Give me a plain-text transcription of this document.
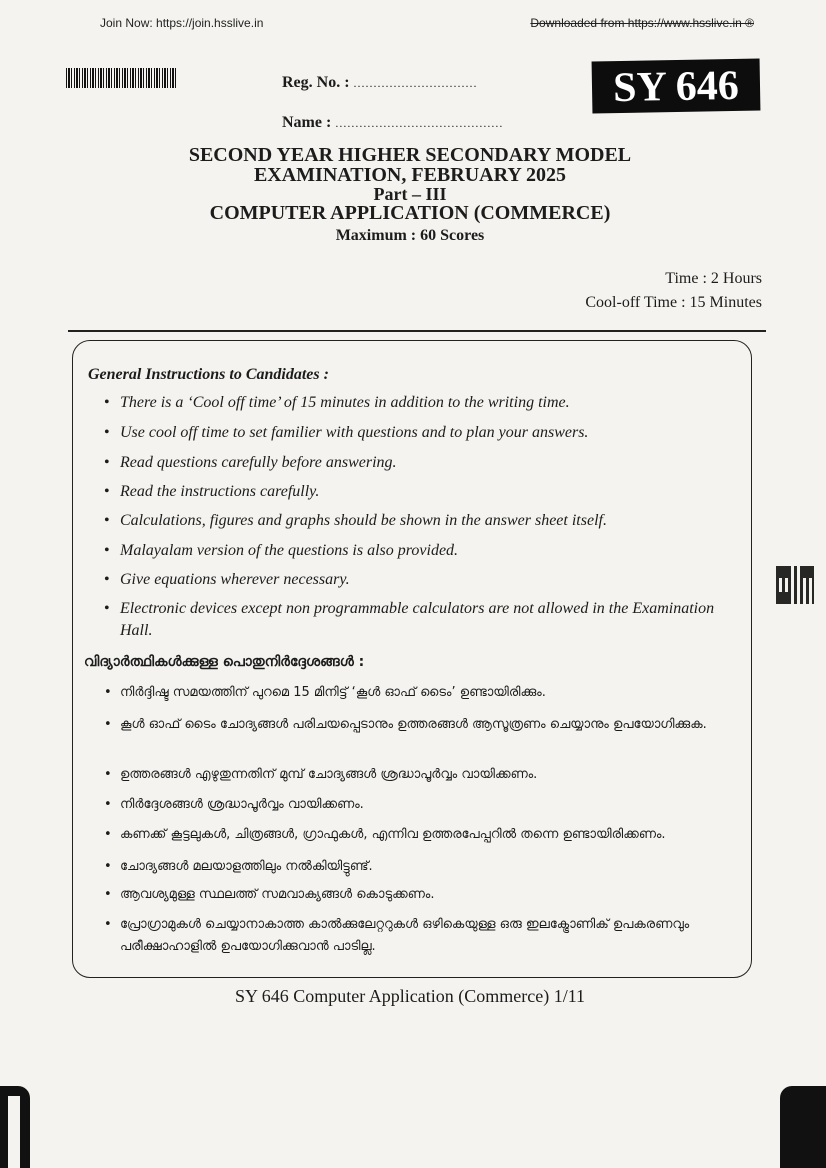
Join Now: https://join.hsslive.in	Downloaded from https://www.hsslive.in ®
Reg. No. : ...............................
Name : ..........................................
SY 646
SECOND YEAR HIGHER SECONDARY MODEL
EXAMINATION, FEBRUARY 2025
Part – III
COMPUTER APPLICATION (COMMERCE)
Maximum : 60 Scores
Time : 2 Hours
Cool-off Time : 15 Minutes
General Instructions to Candidates :
• There is a ‘Cool off time’ of 15 minutes in addition to the writing time.
• Use cool off time to set familier with questions and to plan your answers.
• Read questions carefully before answering.
• Read the instructions carefully.
• Calculations, figures and graphs should be shown in the answer sheet itself.
• Malayalam version of the questions is also provided.
• Give equations wherever necessary.
• Electronic devices except non programmable calculators are not allowed in the Examination Hall.
വിദ്യാർത്ഥികൾക്കുള്ള പൊതുനിർദ്ദേശങ്ങൾ :
• നിർദ്ദിഷ്ട സമയത്തിന് പുറമെ 15 മിനിട്ട് ‘കൂൾ ഓഫ് ടൈം’ ഉണ്ടായിരിക്കും.
• കൂൾ ഓഫ് ടൈം ചോദ്യങ്ങൾ പരിചയപ്പെടാനും ഉത്തരങ്ങൾ ആസൂത്രണം ചെയ്യാനും ഉപയോഗിക്കുക.
• ഉത്തരങ്ങൾ എഴുതുന്നതിന് മുമ്പ് ചോദ്യങ്ങൾ ശ്രദ്ധാപൂർവ്വം വായിക്കണം.
• നിർദ്ദേശങ്ങൾ ശ്രദ്ധാപൂർവ്വം വായിക്കണം.
• കണക്ക് കൂട്ടലുകൾ, ചിത്രങ്ങൾ, ഗ്രാഫുകൾ, എന്നിവ ഉത്തരപേപ്പറിൽ തന്നെ ഉണ്ടായിരിക്കണം.
• ചോദ്യങ്ങൾ മലയാളത്തിലും നൽകിയിട്ടുണ്ട്.
• ആവശ്യമുള്ള സ്ഥലത്ത് സമവാക്യങ്ങൾ കൊടുക്കണം.
• പ്രോഗ്രാമുകൾ ചെയ്യാനാകാത്ത കാൽക്കുലേറ്ററുകൾ ഒഴികെയുള്ള ഒരു ഇലക്ട്രോണിക് ഉപകരണവും പരീക്ഷാഹാളിൽ ഉപയോഗിക്കുവാൻ പാടില്ല.
SY 646 Computer Application (Commerce) 1/11
